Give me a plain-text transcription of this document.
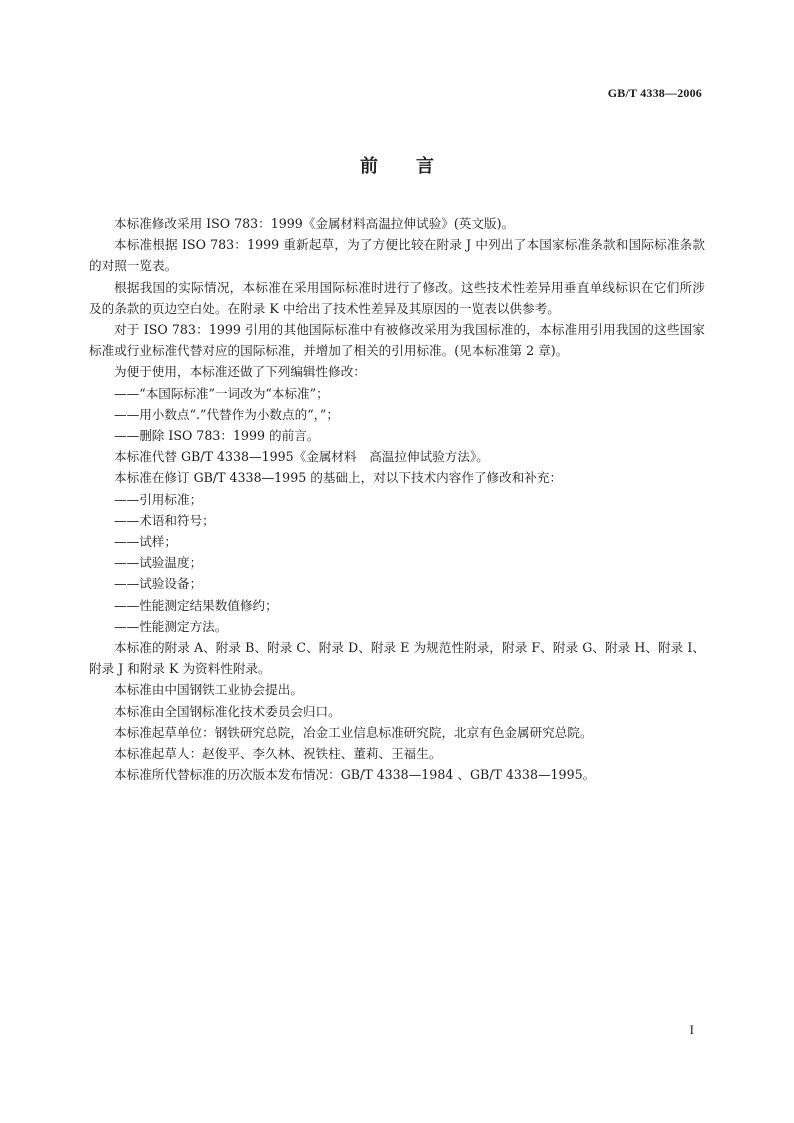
GB/T 4338—2006
前言

本标准修改采用 ISO 783：1999《金属材料高温拉伸试验》(英文版)。

本标准根据 ISO 783：1999 重新起草，为了方便比较在附录 J 中列出了本国家标准条款和国际标准条款的对照一览表。

根据我国的实际情况，本标准在采用国际标准时进行了修改。这些技术性差异用垂直单线标识在它们所涉及的条款的页边空白处。在附录 K 中给出了技术性差异及其原因的一览表以供参考。

对于 ISO 783：1999 引用的其他国际标准中有被修改采用为我国标准的，本标准用引用我国的这些国家标准或行业标准代替对应的国际标准，并增加了相关的引用标准。(见本标准第 2 章)。

为便于使用，本标准还做了下列编辑性修改：

——“本国际标准”一词改为“本标准”；

——用小数点“.”代替作为小数点的“，”；

——删除 ISO 783：1999 的前言。

本标准代替 GB/T 4338—1995《金属材料　高温拉伸试验方法》。

本标准在修订 GB/T 4338—1995 的基础上，对以下技术内容作了修改和补充：

——引用标准；

——术语和符号；

——试样；

——试验温度；

——试验设备；

——性能测定结果数值修约；

——性能测定方法。

本标准的附录 A、附录 B、附录 C、附录 D、附录 E 为规范性附录，附录 F、附录 G、附录 H、附录 I、附录 J 和附录 K 为资料性附录。

本标准由中国钢铁工业协会提出。

本标准由全国钢标准化技术委员会归口。

本标准起草单位：钢铁研究总院，冶金工业信息标准研究院，北京有色金属研究总院。

本标准起草人：赵俊平、李久林、祝铁柱、董莉、王福生。

本标准所代替标准的历次版本发布情况：GB/T 4338—1984 、GB/T 4338—1995。

I
